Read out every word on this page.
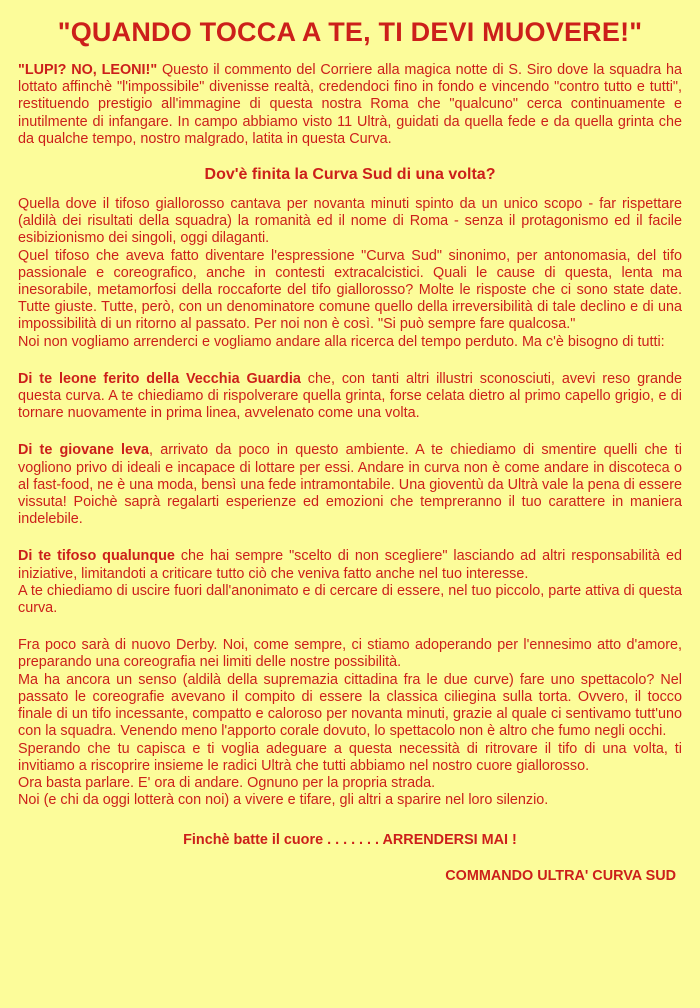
"QUANDO TOCCA A TE, TI DEVI MUOVERE!"

"LUPI? NO, LEONI!" Questo il commento del Corriere alla magica notte di S. Siro dove la squadra ha lottato affinchè "l'impossibile" divenisse realtà, credendoci fino in fondo e vincendo "contro tutto e tutti", restituendo prestigio all'immagine di questa nostra Roma che "qualcuno" cerca continuamente e inutilmente di infangare. In campo abbiamo visto 11 Ultrà, guidati da quella fede e da quella grinta che da qualche tempo, nostro malgrado, latita in questa Curva.

Dov'è finita la Curva Sud di una volta?

Quella dove il tifoso giallorosso cantava per novanta minuti spinto da un unico scopo - far rispettare (aldilà dei risultati della squadra) la romanità ed il nome di Roma - senza il protagonismo ed il facile esibizionismo dei singoli, oggi dilaganti.

Quel tifoso che aveva fatto diventare l'espressione "Curva Sud" sinonimo, per antonomasia, del tifo passionale e coreografico, anche in contesti extracalcistici. Quali le cause di questa, lenta ma inesorabile, metamorfosi della roccaforte del tifo giallorosso? Molte le risposte che ci sono state date. Tutte giuste. Tutte, però, con un denominatore comune quello della irreversibilità di tale declino e di una impossibilità di un ritorno al passato. Per noi non è così. "Si può sempre fare qualcosa."

Noi non vogliamo arrenderci e vogliamo andare alla ricerca del tempo perduto. Ma c'è bisogno di tutti:

Di te leone ferito della Vecchia Guardia che, con tanti altri illustri sconosciuti, avevi reso grande questa curva. A te chiediamo di rispolverare quella grinta, forse celata dietro al primo capello grigio, e di tornare nuovamente in prima linea, avvelenato come una volta.

Di te giovane leva, arrivato da poco in questo ambiente. A te chiediamo di smentire quelli che ti vogliono privo di ideali e incapace di lottare per essi. Andare in curva non è come andare in discoteca o al fast-food, ne è una moda, bensì una fede intramontabile. Una gioventù da Ultrà vale la pena di essere vissuta! Poichè saprà regalarti esperienze ed emozioni che tempreranno il tuo carattere in maniera indelebile.

Di te tifoso qualunque che hai sempre "scelto di non scegliere" lasciando ad altri responsabilità ed iniziative, limitandoti a criticare tutto ciò che veniva fatto anche nel tuo interesse.

A te chiediamo di uscire fuori dall'anonimato e di cercare di essere, nel tuo piccolo, parte attiva di questa curva.

Fra poco sarà di nuovo Derby. Noi, come sempre, ci stiamo adoperando per l'ennesimo atto d'amore, preparando una coreografia nei limiti delle nostre possibilità.

Ma ha ancora un senso (aldilà della supremazia cittadina fra le due curve) fare uno spettacolo? Nel passato le coreografie avevano il compito di essere la classica ciliegina sulla torta. Ovvero, il tocco finale di un tifo incessante, compatto e caloroso per novanta minuti, grazie al quale ci sentivamo tutt'uno con la squadra. Venendo meno l'apporto corale dovuto, lo spettacolo non è altro che fumo negli occhi.

Sperando che tu capisca e ti voglia adeguare a questa necessità di ritrovare il tifo di una volta, ti invitiamo a riscoprire insieme le radici Ultrà che tutti abbiamo nel nostro cuore giallorosso.

Ora basta parlare. E' ora di andare. Ognuno per la propria strada.

Noi (e chi da oggi lotterà con noi) a vivere e tifare, gli altri a sparire nel loro silenzio.

Finchè batte il cuore . . . . . . . ARRENDERSI MAI !

COMMANDO ULTRA' CURVA SUD
